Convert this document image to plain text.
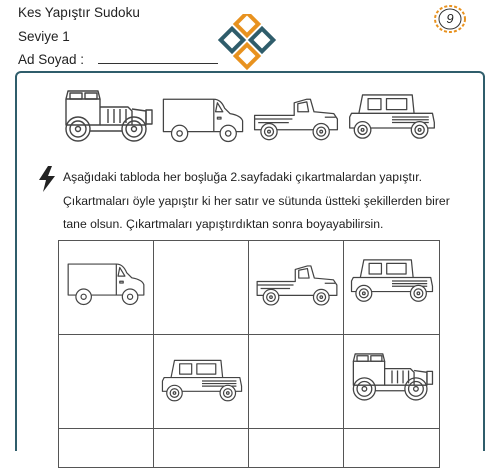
Kes Yapıştır Sudoku
Seviye 1
Ad Soyad :
9
Aşağıdaki tabloda her boşluğa 2.sayfadaki çıkartmalardan yapıştır.
Çıkartmaları öyle yapıştır ki her satır ve sütunda üstteki şekillerden birer
tane olsun. Çıkartmaları yapıştırdıktan sonra boyayabilirsin.
